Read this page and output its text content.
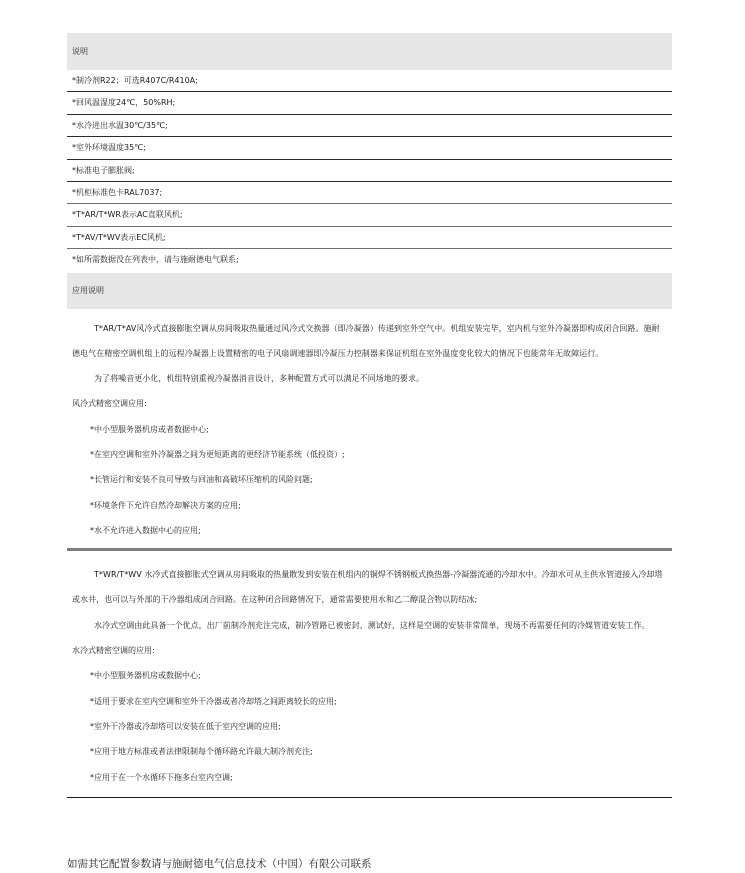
说明
*制冷剂R22；可选R407C/R410A;
*回风温湿度24℃，50%RH;
*水冷进出水温30℃/35℃;
*室外环境温度35℃;
*标准电子膨胀阀;
*机柜标准色卡RAL7037;
*T*AR/T*WR表示AC直联风机;
*T*AV/T*WV表示EC风机;
*如所需数据没在列表中，请与施耐德电气联系;
应用说明

T*AR/T*AV风冷式直接膨胀空调从房间吸取热量通过风冷式交换器（即冷凝器）传递到室外空气中。机组安装完毕，室内机与室外冷凝器即构成闭合回路。施耐德电气在精密空调机组上的远程冷凝器上设置精密的电子风扇调速器即冷凝压力控制器来保证机组在室外温度变化较大的情况下也能常年无故障运行。

为了将噪音更小化，机组特别重视冷凝器消音设计，多种配置方式可以满足不同场地的要求。

风冷式精密空调应用:

*中小型服务器机房或者数据中心;

*在室内空调和室外冷凝器之间为更短距离的更经济节能系统（低投资）;

*长管运行和安装不良可导致与回油和高破坏压缩机的风险问题;

*环境条件下允许自然冷却解决方案的应用;

*水不允许进入数据中心的应用;

T*WR/T*WV 水冷式直接膨胀式空调从房间吸取的热量散发到安装在机组内的铜焊不锈钢板式换热器-冷凝器流通的冷却水中。冷却水可从主供水管道接入冷却塔或水井，也可以与外部的干冷器组成闭合回路。在这种闭合回路情况下，通常需要使用水和乙二醇混合物以防结冰;

水冷式空调由此具备一个优点，出厂前制冷剂充注完成，制冷管路已被密封、测试好，这样是空调的安装非常简单，现场不再需要任何的冷媒管道安装工作。

水冷式精密空调的应用:

*中小型服务器机房或数据中心;

*适用于要求在室内空调和室外干冷器或者冷却塔之间距离较长的应用;

*室外干冷器或冷却塔可以安装在低于室内空调的应用;

*应用于地方标准或者法律限制每个循环路允许最大制冷剂充注;

*应用于在一个水循环下拖多台室内空调;

如需其它配置参数请与施耐德电气信息技术（中国）有限公司联系
